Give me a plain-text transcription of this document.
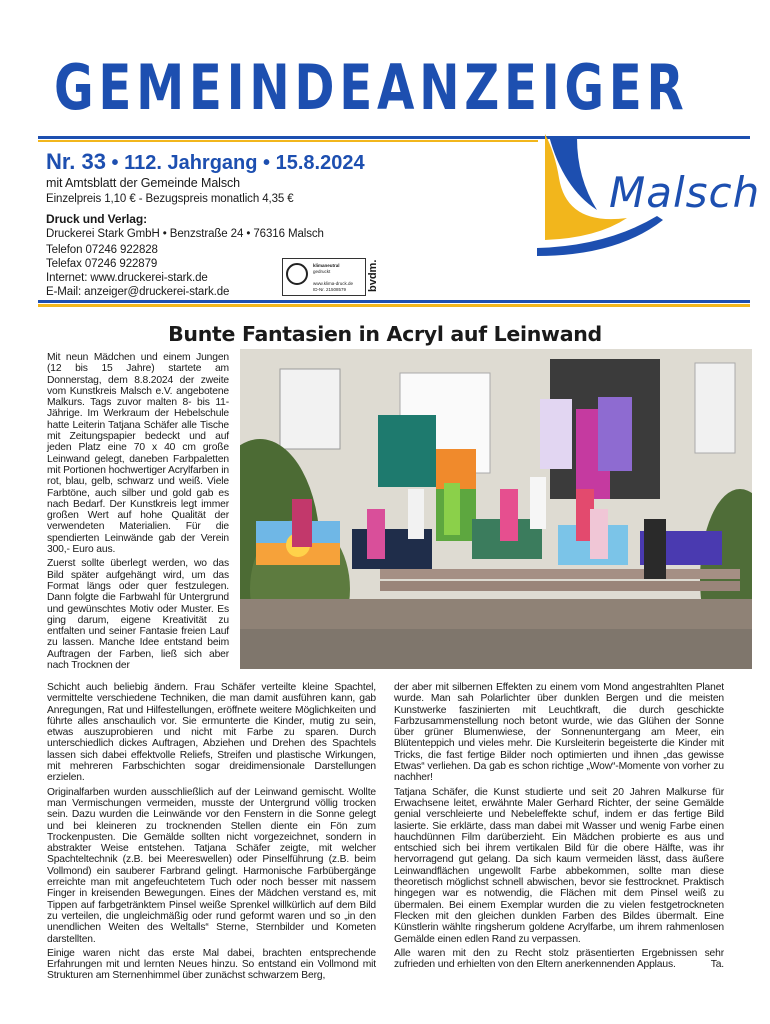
GEMEINDEANZEIGER
Nr. 33 • 112. Jahrgang • 15.8.2024
mit Amtsblatt der Gemeinde Malsch
Einzelpreis 1,10 € - Bezugspreis monatlich 4,35 €
Druck und Verlag:
Druckerei Stark GmbH • Benzstraße 24 • 76316 Malsch
Telefon 07246 922828
Telefax 07246 922879
Internet: www.druckerei-stark.de
E-Mail: anzeiger@druckerei-stark.de
klimaneutral
gedruckt
www.klima-druck.de
ID-Nr. 21508579 bvdm.
Malsch
Bunte Fantasien in Acryl auf Leinwand

Mit neun Mädchen und einem Jungen (12 bis 15 Jahre) startete am Donnerstag, dem 8.8.2024 der zweite vom Kunstkreis Malsch e.V. angebotene Malkurs. Tags zuvor malten 8- bis 11-Jährige. Im Werkraum der Hebelschule hatte Leiterin Tatjana Schäfer alle Tische mit Zeitungspapier bedeckt und auf jeden Platz eine 70 x 40 cm große Leinwand gelegt, daneben Farbpaletten mit Portionen hochwertiger Acrylfarben in rot, blau, gelb, schwarz und weiß. Viele Farbtöne, auch silber und gold gab es nach Bedarf. Der Kunstkreis legt immer großen Wert auf hohe Qualität der verwendeten Materialien. Für die spendierten Leinwände gab der Verein 300,- Euro aus.

Zuerst sollte überlegt werden, wo das Bild später aufgehängt wird, um das Format längs oder quer festzulegen. Dann folgte die Farbwahl für Untergrund und gewünschtes Motiv oder Muster. Es ging darum, eigene Kreativität zu entfalten und seiner Fantasie freien Lauf zu lassen. Manche Idee entstand beim Auftragen der Farben, ließ sich aber nach Trocknen der

Schicht auch beliebig ändern. Frau Schäfer verteilte kleine Spachtel, vermittelte verschiedene Techniken, die man damit ausführen kann, gab Anregungen, Rat und Hilfestellungen, eröffnete weitere Möglichkeiten und führte alles anschaulich vor. Sie ermunterte die Kinder, mutig zu sein, etwas auszuprobieren und nicht mit Farbe zu sparen. Durch unterschiedlich dickes Auftragen, Abziehen und Drehen des Spachtels lassen sich dabei effektvolle Reliefs, Streifen und plastische Wirkungen, mit mehreren Farbschichten sogar dreidimensionale Darstellungen erzielen.

Originalfarben wurden ausschließlich auf der Leinwand gemischt. Wollte man Vermischungen vermeiden, musste der Untergrund völlig trocken sein. Dazu wurden die Leinwände vor den Fenstern in die Sonne gelegt und bei kleineren zu trocknenden Stellen diente ein Fön zum Trockenpusten. Die Gemälde sollten nicht vorgezeichnet, sondern in abstrakter Weise entstehen. Tatjana Schäfer zeigte, mit welcher Spachteltechnik (z.B. bei Meereswellen) oder Pinselführung (z.B. beim Vollmond) ein sauberer Farbrand gelingt. Harmonische Farbübergänge erreichte man mit angefeuchtetem Tuch oder noch besser mit nassem Finger in kreisenden Bewegungen. Eines der Mädchen verstand es, mit Tippen auf farbgetränktem Pinsel weiße Sprenkel willkürlich auf dem Bild zu verteilen, die ungleichmäßig oder rund geformt waren und so „in den unendlichen Weiten des Weltalls“ Sterne, Sternbilder und Kometen darstellten.

Einige waren nicht das erste Mal dabei, brachten entsprechende Erfahrungen mit und lernten Neues hinzu. So entstand ein Vollmond mit Strukturen am Sternenhimmel über zunächst schwarzem Berg,

der aber mit silbernen Effekten zu einem vom Mond angestrahlten Planet wurde. Man sah Polarlichter über dunklen Bergen und die meisten Kunstwerke faszinierten mit Leuchtkraft, die durch geschickte Farbzusammenstellung noch betont wurde, wie das Glühen der Sonne über grüner Blumenwiese, der Sonnenuntergang am Meer, ein Blütenteppich und vieles mehr. Die Kursleiterin begeisterte die Kinder mit Tricks, die fast fertige Bilder noch optimierten und ihnen „das gewisse Etwas“ verliehen. Da gab es schon richtige „Wow“-Momente von vorher zu nachher!

Tatjana Schäfer, die Kunst studierte und seit 20 Jahren Malkurse für Erwachsene leitet, erwähnte Maler Gerhard Richter, der seine Gemälde genial verschleierte und Nebeleffekte schuf, indem er das fertige Bild lasierte. Sie erklärte, dass man dabei mit Wasser und wenig Farbe einen hauchdünnen Film darüberzieht. Ein Mädchen probierte es aus und entschied sich bei ihrem vertikalen Bild für die obere Hälfte, was ihr hervorragend gut gelang. Da sich kaum vermeiden lässt, dass äußere Leinwandflächen ungewollt Farbe abbekommen, sollte man diese theoretisch möglichst schnell abwischen, bevor sie festtrocknet. Praktisch hingegen war es notwendig, die Flächen mit dem Pinsel weiß zu übermalen. Bei einem Exemplar wurden die zu vielen festgetrockneten Flecken mit den gleichen dunklen Farben des Bildes übermalt. Eine Künstlerin wählte ringsherum goldene Acrylfarbe, um ihrem rahmenlosen Gemälde einen edlen Rand zu verpassen.

Alle waren mit den zu Recht stolz präsentierten Ergebnissen sehr zufrieden und erhielten von den Eltern anerkennenden Applaus.	Ta.
